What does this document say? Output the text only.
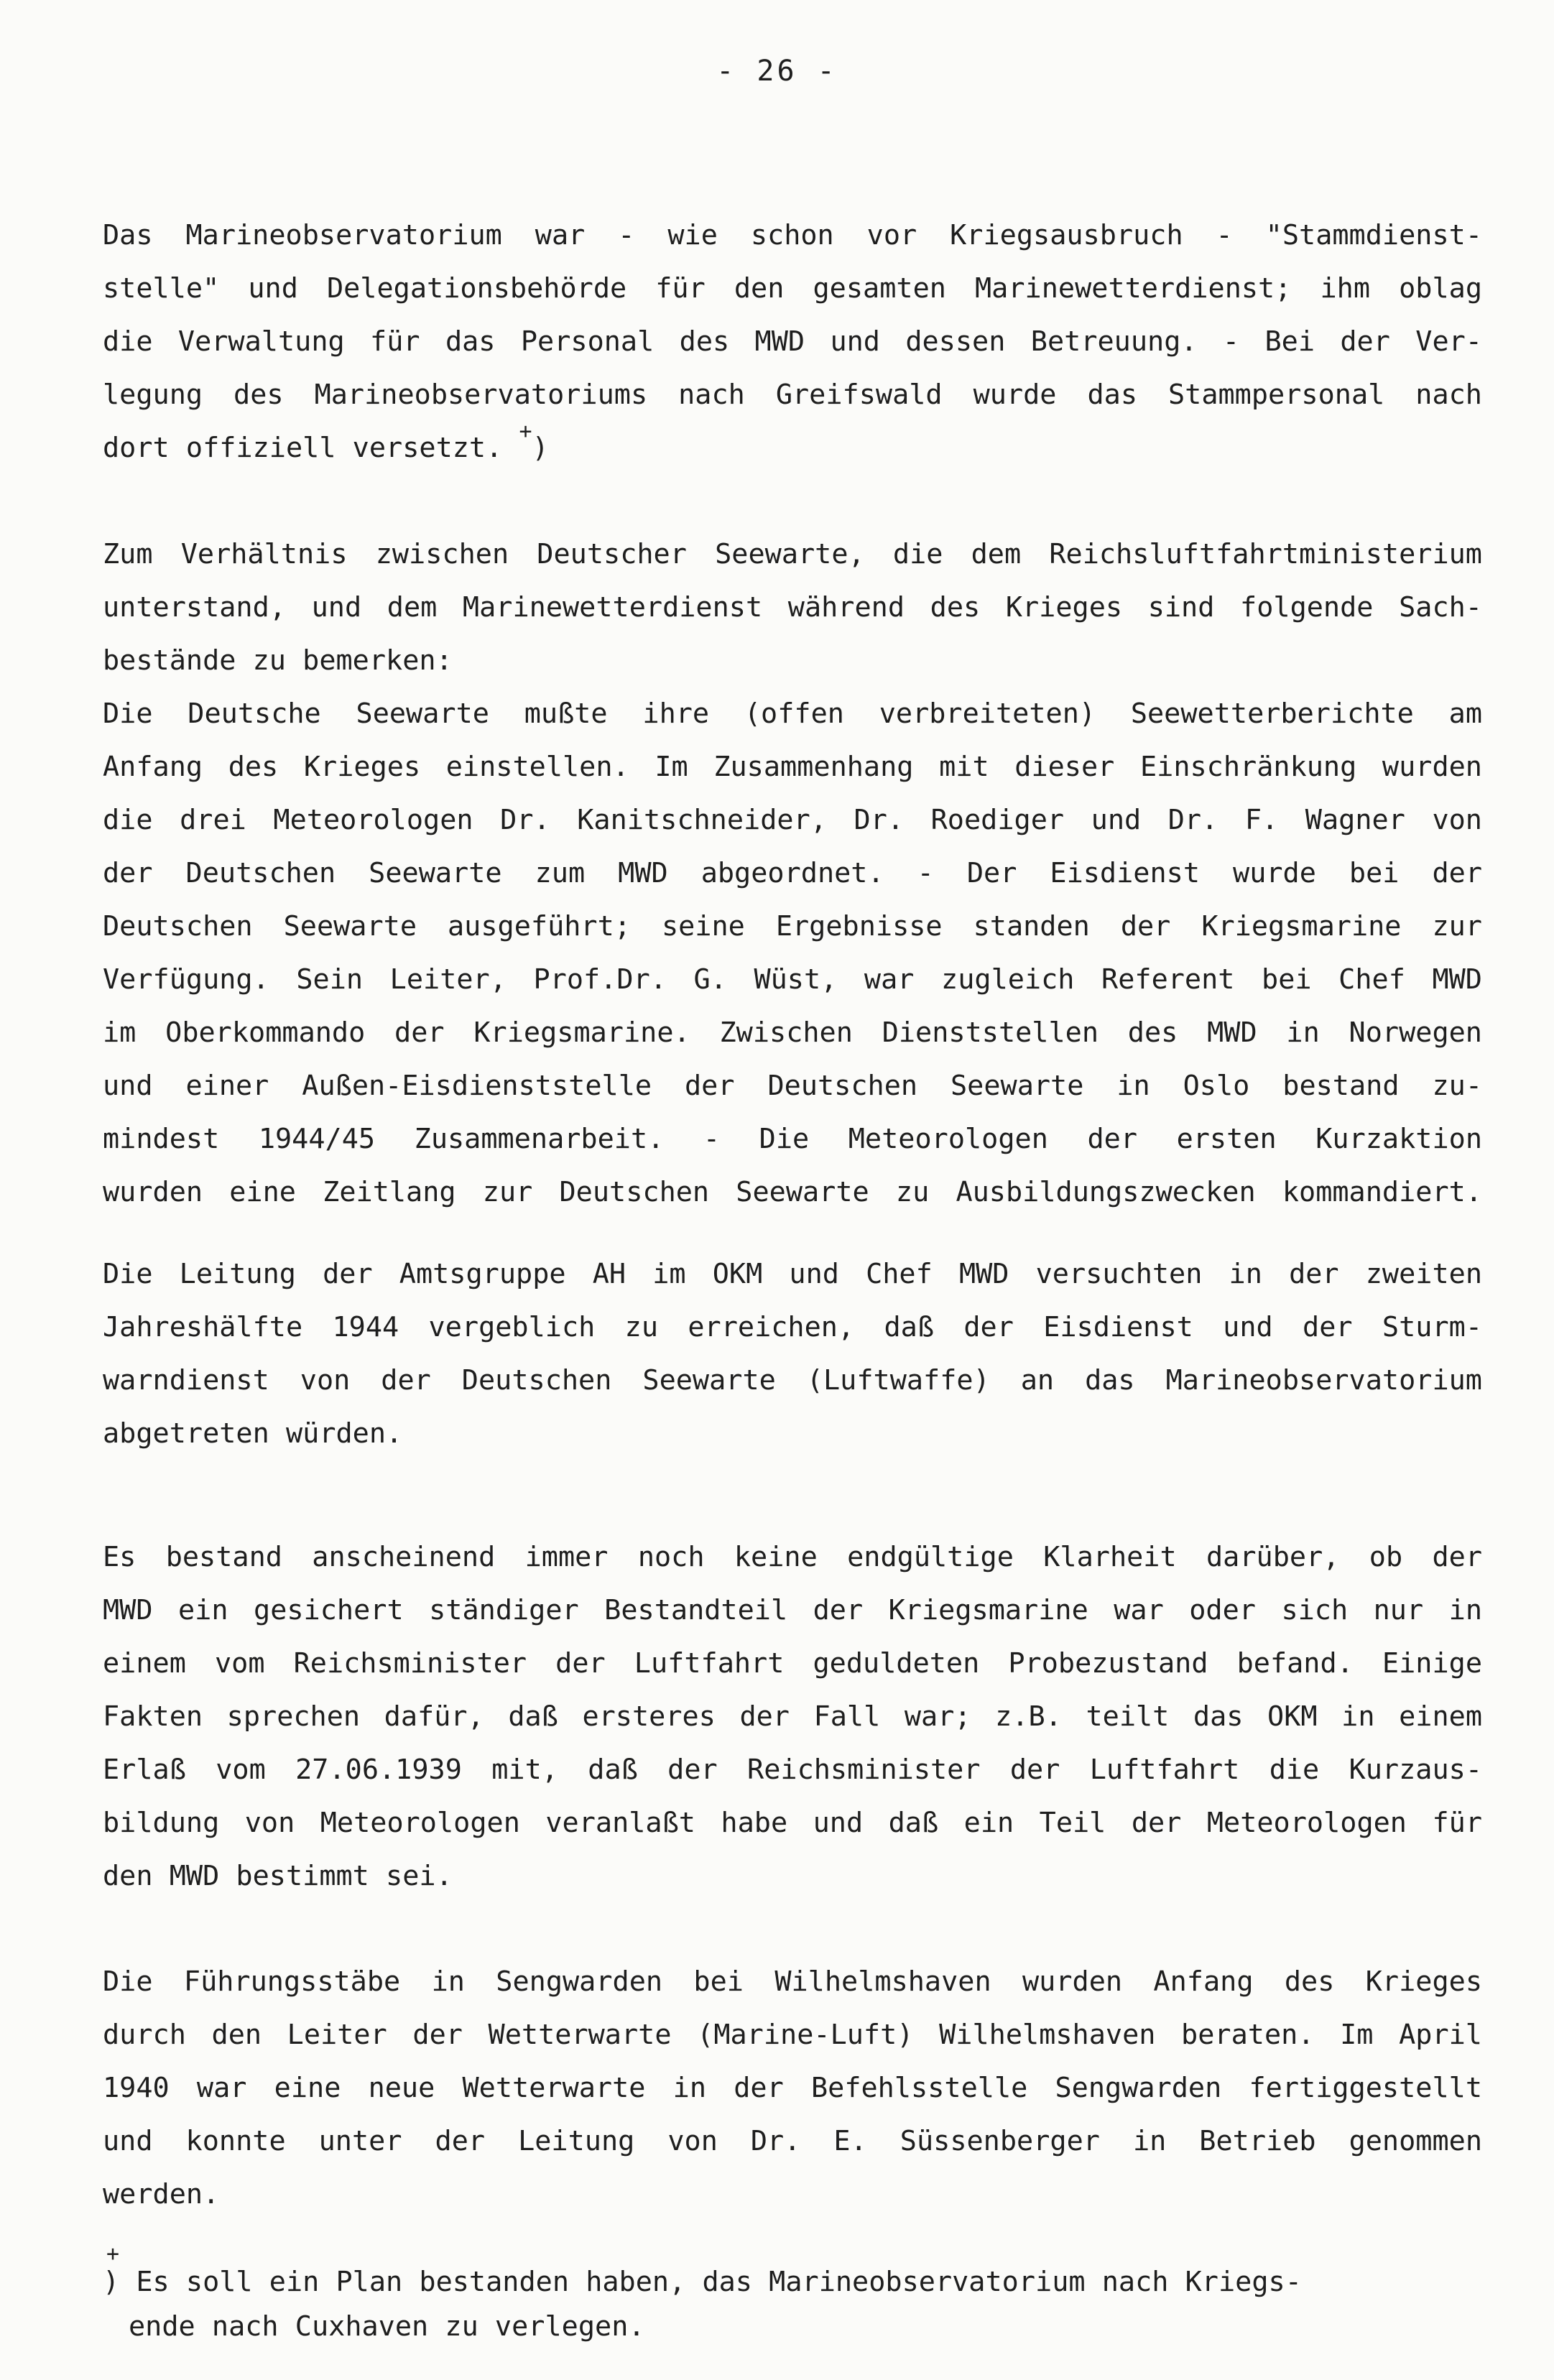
- 26 -
Das Marineobservatorium war - wie schon vor Kriegsausbruch - "Stammdienst-
stelle" und Delegationsbehörde für den gesamten Marinewetterdienst; ihm oblag
die Verwaltung für das Personal des MWD und dessen Betreuung. - Bei der Ver-
legung des Marineobservatoriums nach Greifswald wurde das Stammpersonal nach
dort offiziell versetzt. +)
Zum Verhältnis zwischen Deutscher Seewarte, die dem Reichsluftfahrtministerium
unterstand, und dem Marinewetterdienst während des Krieges sind folgende Sach-
bestände zu bemerken:
Die Deutsche Seewarte mußte ihre (offen verbreiteten) Seewetterberichte am
Anfang des Krieges einstellen. Im Zusammenhang mit dieser Einschränkung wurden
die drei Meteorologen Dr. Kanitschneider, Dr. Roediger und Dr. F. Wagner von
der Deutschen Seewarte zum MWD abgeordnet. - Der Eisdienst wurde bei der
Deutschen Seewarte ausgeführt; seine Ergebnisse standen der Kriegsmarine zur
Verfügung. Sein Leiter, Prof.Dr. G. Wüst, war zugleich Referent bei Chef MWD
im Oberkommando der Kriegsmarine. Zwischen Dienststellen des MWD in Norwegen
und einer Außen-Eisdienststelle der Deutschen Seewarte in Oslo bestand zu-
mindest 1944/45 Zusammenarbeit. - Die Meteorologen der ersten Kurzaktion
wurden eine Zeitlang zur Deutschen Seewarte zu Ausbildungszwecken kommandiert.
Die Leitung der Amtsgruppe AH im OKM und Chef MWD versuchten in der zweiten
Jahreshälfte 1944 vergeblich zu erreichen, daß der Eisdienst und der Sturm-
warndienst von der Deutschen Seewarte (Luftwaffe) an das Marineobservatorium
abgetreten würden.
Es bestand anscheinend immer noch keine endgültige Klarheit darüber, ob der
MWD ein gesichert ständiger Bestandteil der Kriegsmarine war oder sich nur in
einem vom Reichsminister der Luftfahrt geduldeten Probezustand befand. Einige
Fakten sprechen dafür, daß ersteres der Fall war; z.B. teilt das OKM in einem
Erlaß vom 27.06.1939 mit, daß der Reichsminister der Luftfahrt die Kurzaus-
bildung von Meteorologen veranlaßt habe und daß ein Teil der Meteorologen für
den MWD bestimmt sei.
Die Führungsstäbe in Sengwarden bei Wilhelmshaven wurden Anfang des Krieges
durch den Leiter der Wetterwarte (Marine-Luft) Wilhelmshaven beraten. Im April
1940 war eine neue Wetterwarte in der Befehlsstelle Sengwarden fertiggestellt
und konnte unter der Leitung von Dr. E. Süssenberger in Betrieb genommen
werden.
+
) Es soll ein Plan bestanden haben, das Marineobservatorium nach Kriegs-
ende nach Cuxhaven zu verlegen.
